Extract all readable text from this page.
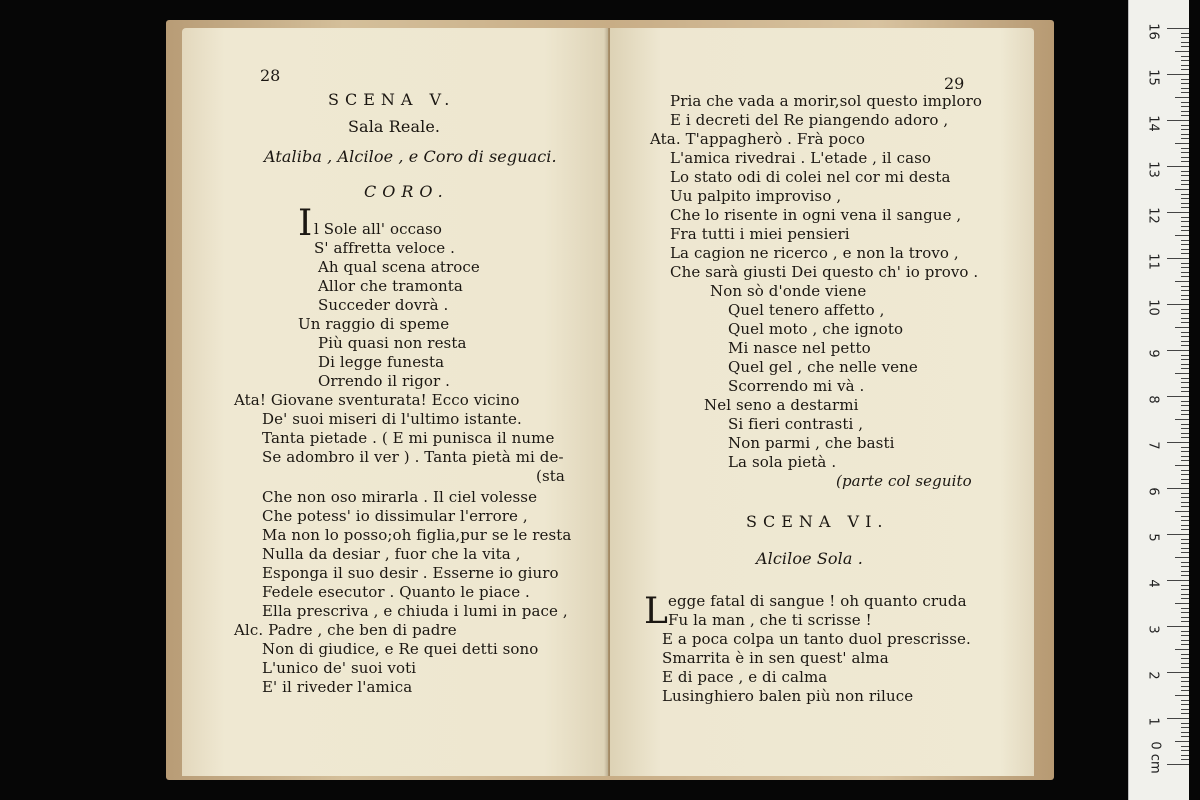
28
SCENA V.
Sala Reale.
Ataliba , Alciloe , e Coro di seguaci.
CORO.
I l Sole all' occaso
S' affretta veloce .
Ah qual scena atroce
Allor che tramonta
Succeder dovrà .
Un raggio di speme
Più quasi non resta
Di legge funesta
Orrendo il rigor .
Ata! Giovane sventurata! Ecco vicino
De' suoi miseri di l'ultimo istante.
Tanta pietade . ( E mi punisca il nume
Se adombro il ver ) . Tanta pietà mi de-
(sta
Che non oso mirarla . Il ciel volesse
Che potess' io dissimular l'errore ,
Ma non lo posso;oh figlia,pur se le resta
Nulla da desiar , fuor che la vita ,
Esponga il suo desir . Esserne io giuro
Fedele esecutor . Quanto le piace .
Ella prescriva , e chiuda i lumi in pace ,
Alc. Padre , che ben di padre
Non di giudice, e Re quei detti sono
L'unico de' suoi voti
E' il riveder l'amica
29
Pria che vada a morir,sol questo imploro
E i decreti del Re piangendo adoro ,
Ata. T'appagherò . Frà poco
L'amica rivedrai . L'etade , il caso
Lo stato odi di colei nel cor mi desta
Uu palpito improviso ,
Che lo risente in ogni vena il sangue ,
Fra tutti i miei pensieri
La cagion ne ricerco , e non la trovo ,
Che sarà giusti Dei questo ch' io provo .
Non sò d'onde viene
Quel tenero affetto ,
Quel moto , che ignoto
Mi nasce nel petto
Quel gel , che nelle vene
Scorrendo mi và .
Nel seno a destarmi
Si fieri contrasti ,
Non parmi , che basti
La sola pietà .
(parte col seguito
SCENA VI.
Alciloe Sola .
L egge fatal di sangue ! oh quanto cruda
Fu la man , che ti scrisse !
E a poca colpa un tanto duol prescrisse.
Smarrita è in sen quest' alma
E di pace , e di calma
Lusinghiero balen più non riluce
16
15
14
13
12
11
10
9
8
7
6
5
4
3
2
1
0 cm
